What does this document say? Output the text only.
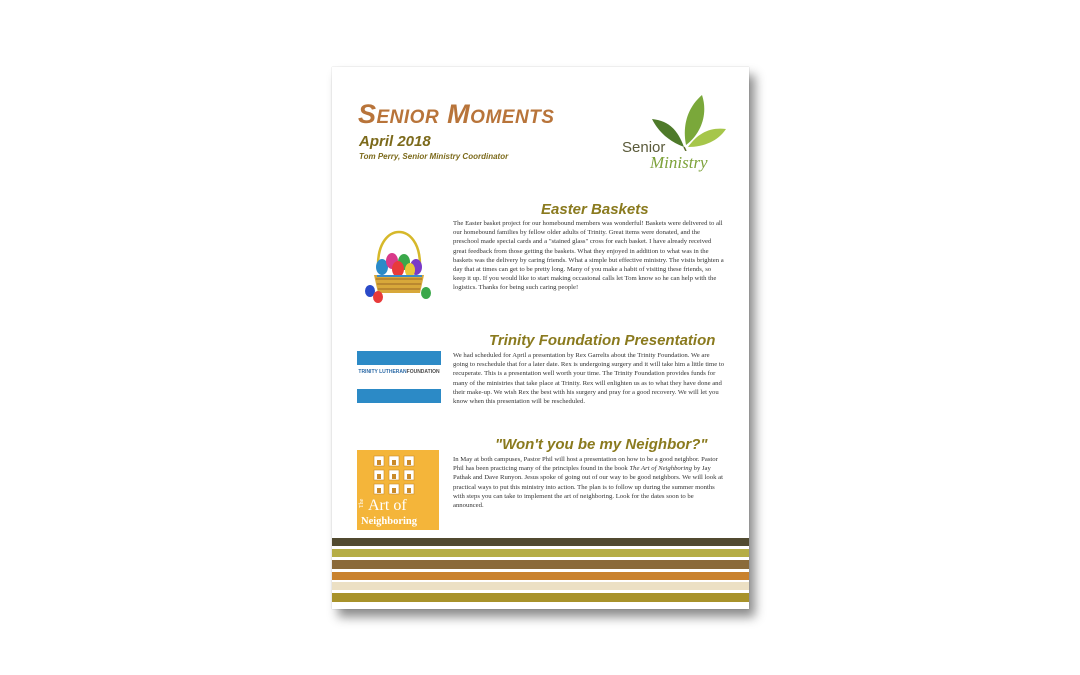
Senior Moments
April 2018
Tom Perry, Senior Ministry Coordinator
Senior
Ministry
Easter Baskets

The Easter basket project for our homebound members was wonderful! Baskets were delivered to all our homebound families by fellow older adults of Trinity. Great items were donated, and the preschool made special cards and a "stained glass" cross for each basket. I have already received great feedback from those getting the baskets. What they enjoyed in addition to what was in the baskets was the delivery by caring friends. What a simple but effective ministry. The visits brighten a day that at times can get to be pretty long. Many of you make a habit of visiting these friends, so keep it up. If you would like to start making occasional calls let Tom know so he can help with the logistics. Thanks for being such caring people!

Trinity Foundation Presentation
TRINITY LUTHERANFOUNDATION

We had scheduled for April a presentation by Rex Garrelts about the Trinity Foundation. We are going to reschedule that for a later date. Rex is undergoing surgery and it will take him a little time to recuperate. This is a presentation well worth your time. The Trinity Foundation provides funds for many of the ministries that take place at Trinity. Rex will enlighten us as to what they have done and their make-up. We wish Rex the best with his surgery and pray for a good recovery. We will let you know when this presentation will be rescheduled.

"Won't you be my Neighbor?"
The Art of
Neighboring

In May at both campuses, Pastor Phil will host a presentation on how to be a good neighbor. Pastor Phil has been practicing many of the principles found in the book The Art of Neighboring by Jay Pathak and Dave Runyon. Jesus spoke of going out of our way to be good neighbors. We will look at practical ways to put this ministry into action. The plan is to follow up during the summer months with steps you can take to implement the art of neighboring. Look for the dates soon to be announced.
